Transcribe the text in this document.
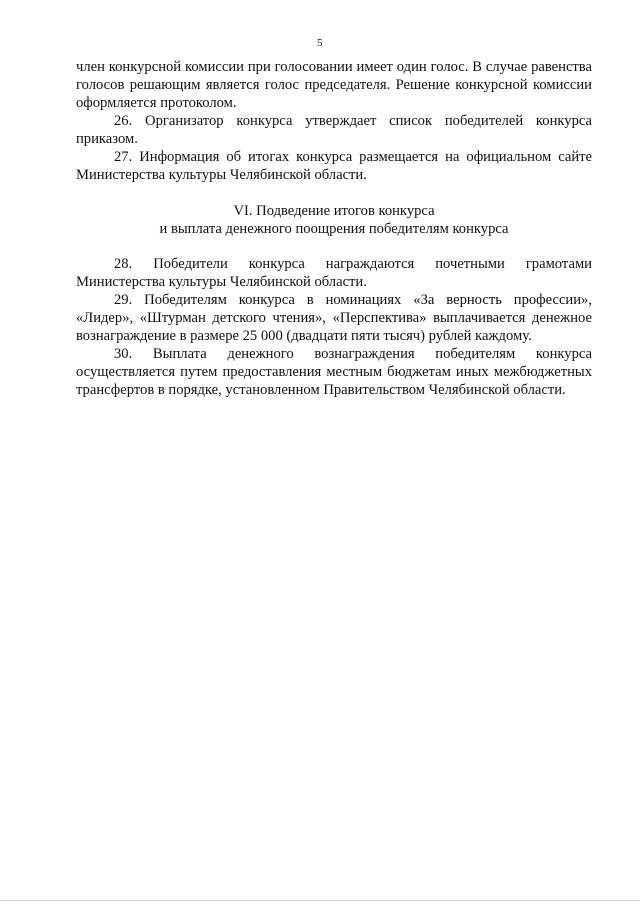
5

член конкурсной комиссии при голосовании имеет один голос. В случае равенства голосов решающим является голос председателя. Решение конкурсной комиссии оформляется протоколом.

26. Организатор конкурса утверждает список победителей конкурса приказом.

27. Информация об итогах конкурса размещается на официальном сайте Министерства культуры Челябинской области.

VI. Подведение итогов конкурса

и выплата денежного поощрения победителям конкурса

28. Победители конкурса награждаются почетными грамотами Министерства культуры Челябинской области.

29. Победителям конкурса в номинациях «За верность профессии», «Лидер», «Штурман детского чтения», «Перспектива» выплачивается денежное вознаграждение в размере 25 000 (двадцати пяти тысяч) рублей каждому.

30. Выплата денежного вознаграждения победителям конкурса осуществляется путем предоставления местным бюджетам иных межбюджетных трансфертов в порядке, установленном Правительством Челябинской области.
